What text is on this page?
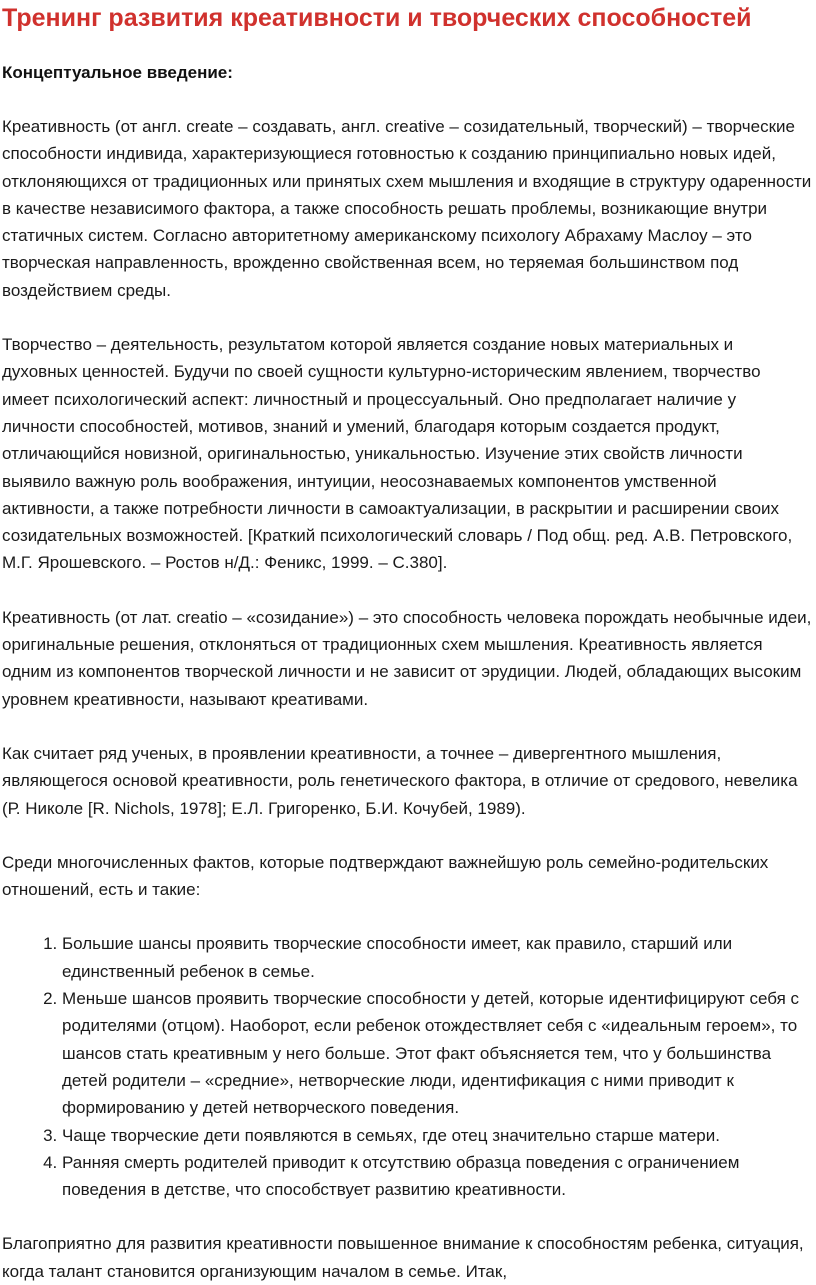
Тренинг развития креативности и творческих способностей
Концептуальное введение:

Креативность (от англ. create – создавать, англ. creative – созидательный, творческий) – творческие способности индивида, характеризующиеся готовностью к созданию принципиально новых идей, отклоняющихся от традиционных или принятых схем мышления и входящие в структуру одаренности в качестве независимого фактора, а также способность решать проблемы, возникающие внутри статичных систем. Согласно авторитетному американскому психологу Абрахаму Маслоу – это творческая направленность, врожденно свойственная всем, но теряемая большинством под воздействием среды.

Творчество – деятельность, результатом которой является создание новых материальных и духовных ценностей. Будучи по своей сущности культурно-историческим явлением, творчество имеет психологический аспект: личностный и процессуальный. Оно предполагает наличие у личности способностей, мотивов, знаний и умений, благодаря которым создается продукт, отличающийся новизной, оригинальностью, уникальностью. Изучение этих свойств личности выявило важную роль воображения, интуиции, неосознаваемых компонентов умственной активности, а также потребности личности в самоактуализации, в раскрытии и расширении своих созидательных возможностей. [Краткий психологический словарь / Под общ. ред. А.В. Петровского, М.Г. Ярошевского. – Ростов н/Д.: Феникс, 1999. – С.380].

Креативность (от лат. creatio – «созидание») – это способность человека порождать необычные идеи, оригинальные решения, отклоняться от традиционных схем мышления. Креативность является одним из компонентов творческой личности и не зависит от эрудиции. Людей, обладающих высоким уровнем креативности, называют креативами.

Как считает ряд ученых, в проявлении креативности, а точнее – дивергентного мышления, являющегося основой креативности, роль генетического фактора, в отличие от средового, невелика (Р. Николе [R. Nichols, 1978]; Е.Л. Григоренко, Б.И. Кочубей, 1989).

Среди многочисленных фактов, которые подтверждают важнейшую роль семейно-родительских отношений, есть и такие:

1. Большие шансы проявить творческие способности имеет, как правило, старший или единственный ребенок в семье.
2. Меньше шансов проявить творческие способности у детей, которые идентифицируют себя с родителями (отцом). Наоборот, если ребенок отождествляет себя с «идеальным героем», то шансов стать креативным у него больше. Этот факт объясняется тем, что у большинства детей родители – «средние», нетворческие люди, идентификация с ними приводит к формированию у детей нетворческого поведения.
3. Чаще творческие дети появляются в семьях, где отец значительно старше матери.
4. Ранняя смерть родителей приводит к отсутствию образца поведения с ограничением поведения в детстве, что способствует развитию креативности.

Благоприятно для развития креативности повышенное внимание к способностям ребенка, ситуация, когда талант становится организующим началом в семье. Итак,
